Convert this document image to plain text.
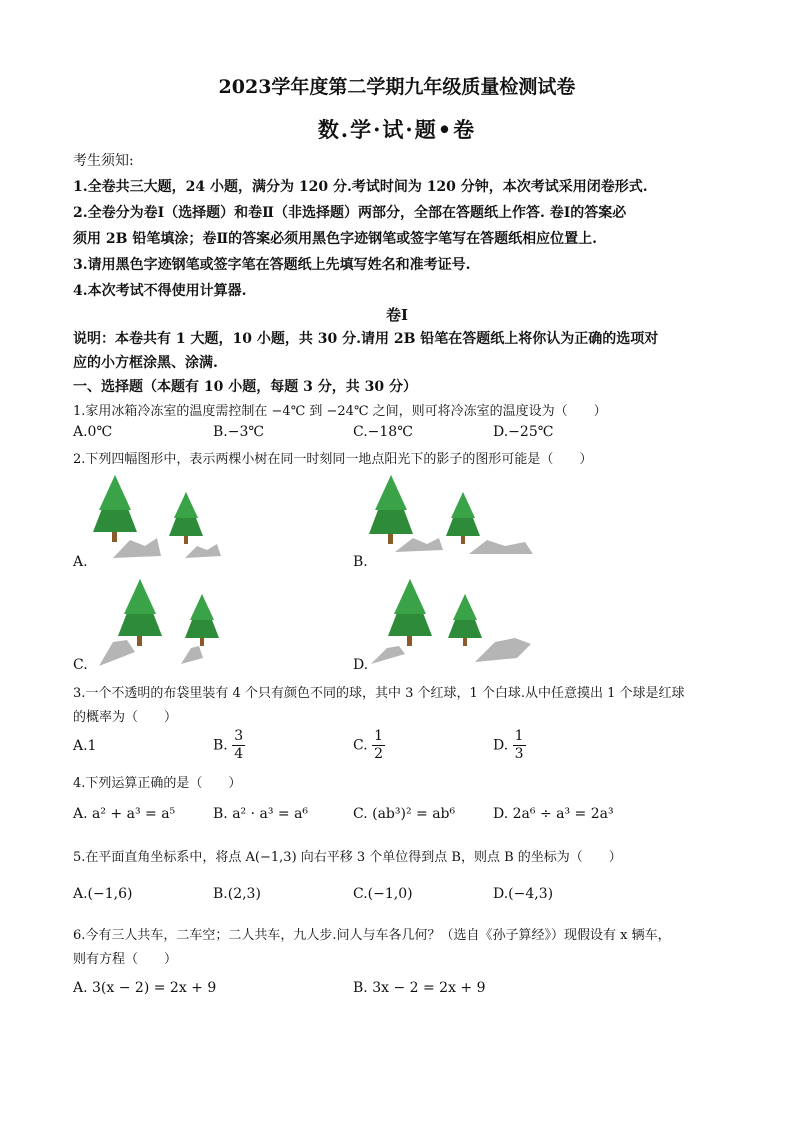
2023学年度第二学期九年级质量检测试卷
数.学·试·题•卷
考生须知:
1.全卷共三大题，24 小题，满分为 120 分.考试时间为 120 分钟，本次考试采用闭卷形式.
2.全卷分为卷Ⅰ（选择题）和卷Ⅱ（非选择题）两部分，全部在答题纸上作答. 卷Ⅰ的答案必
须用 2B 铅笔填涂；卷Ⅱ的答案必须用黑色字迹钢笔或签字笔写在答题纸相应位置上.
3.请用黑色字迹钢笔或签字笔在答题纸上先填写姓名和准考证号.
4.本次考试不得使用计算器.
卷Ⅰ
说明：本卷共有 1 大题，10 小题，共 30 分.请用 2B 铅笔在答题纸上将你认为正确的选项对
应的小方框涂黑、涂满.
一、选择题（本题有 10 小题，每题 3 分，共 30 分）
1.家用冰箱冷冻室的温度需控制在 −4℃ 到 −24℃ 之间，则可将冷冻室的温度设为（　　）
A.0℃	B.−3℃	C.−18℃	D.−25℃
2.下列四幅图形中，表示两棵小树在同一时刻同一地点阳光下的影子的图形可能是（　　）
A.	B.
C.	D.
3.一个不透明的布袋里装有 4 个只有颜色不同的球，其中 3 个红球，1 个白球.从中任意摸出 1 个球是红球
的概率为（　　）
A.1	B. $\frac{3}{4}$	C. $\frac{1}{2}$	D. $\frac{1}{3}$
4.下列运算正确的是（　　）
A. a² + a³ = a⁵	B. a² · a³ = a⁶	C. (ab³)² = ab⁶	D. 2a⁶ ÷ a³ = 2a³
5.在平面直角坐标系中，将点 A(−1,3) 向右平移 3 个单位得到点 B，则点 B 的坐标为（　　）
A.(−1,6)	B.(2,3)	C.(−1,0)	D.(−4,3)
6.今有三人共车，二车空；二人共车，九人步.问人与车各几何？（选自《孙子算经》）现假设有 x 辆车，
则有方程（　　）
A. 3(x − 2) = 2x + 9	B. 3x − 2 = 2x + 9
